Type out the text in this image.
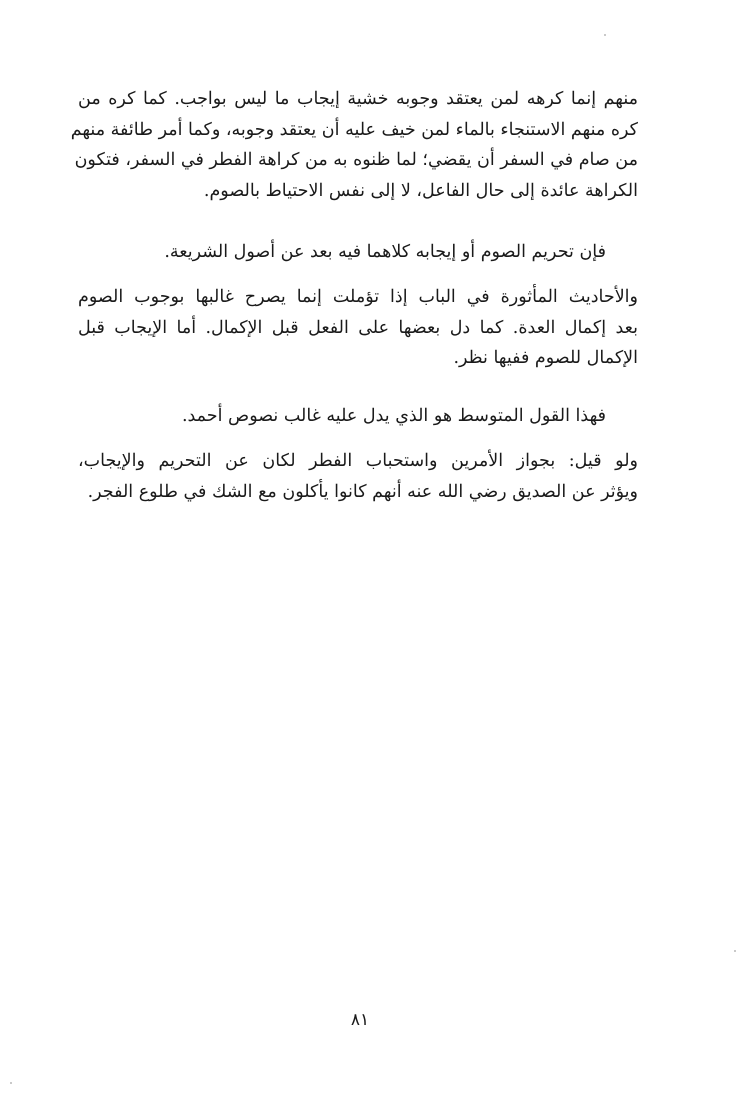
منهم إنما كرهه لمن يعتقد وجوبه خشية إيجاب ما ليس بواجب. كما كره من
كره منهم الاستنجاء بالماء لمن خيف عليه أن يعتقد وجوبه، وكما أمر طائفة منهم
من صام في السفر أن يقضي؛ لما ظنوه به من كراهة الفطر في السفر، فتكون
الكراهة عائدة إلى حال الفاعل، لا إلى نفس الاحتياط بالصوم.
فإن تحريم الصوم أو إيجابه كلاهما فيه بعد عن أصول الشريعة.
والأحاديث المأثورة في الباب إذا تؤملت إنما يصرح غالبها بوجوب الصوم
بعد إكمال العدة. كما دل بعضها على الفعل قبل الإكمال. أما الإيجاب قبل
الإكمال للصوم ففيها نظر.
فهذا القول المتوسط هو الذي يدل عليه غالب نصوص أحمد.
ولو قيل: بجواز الأمرين واستحباب الفطر لكان عن التحريم والإيجاب،
ويؤثر عن الصديق رضي الله عنه أنهم كانوا يأكلون مع الشك في طلوع الفجر.
٨١
